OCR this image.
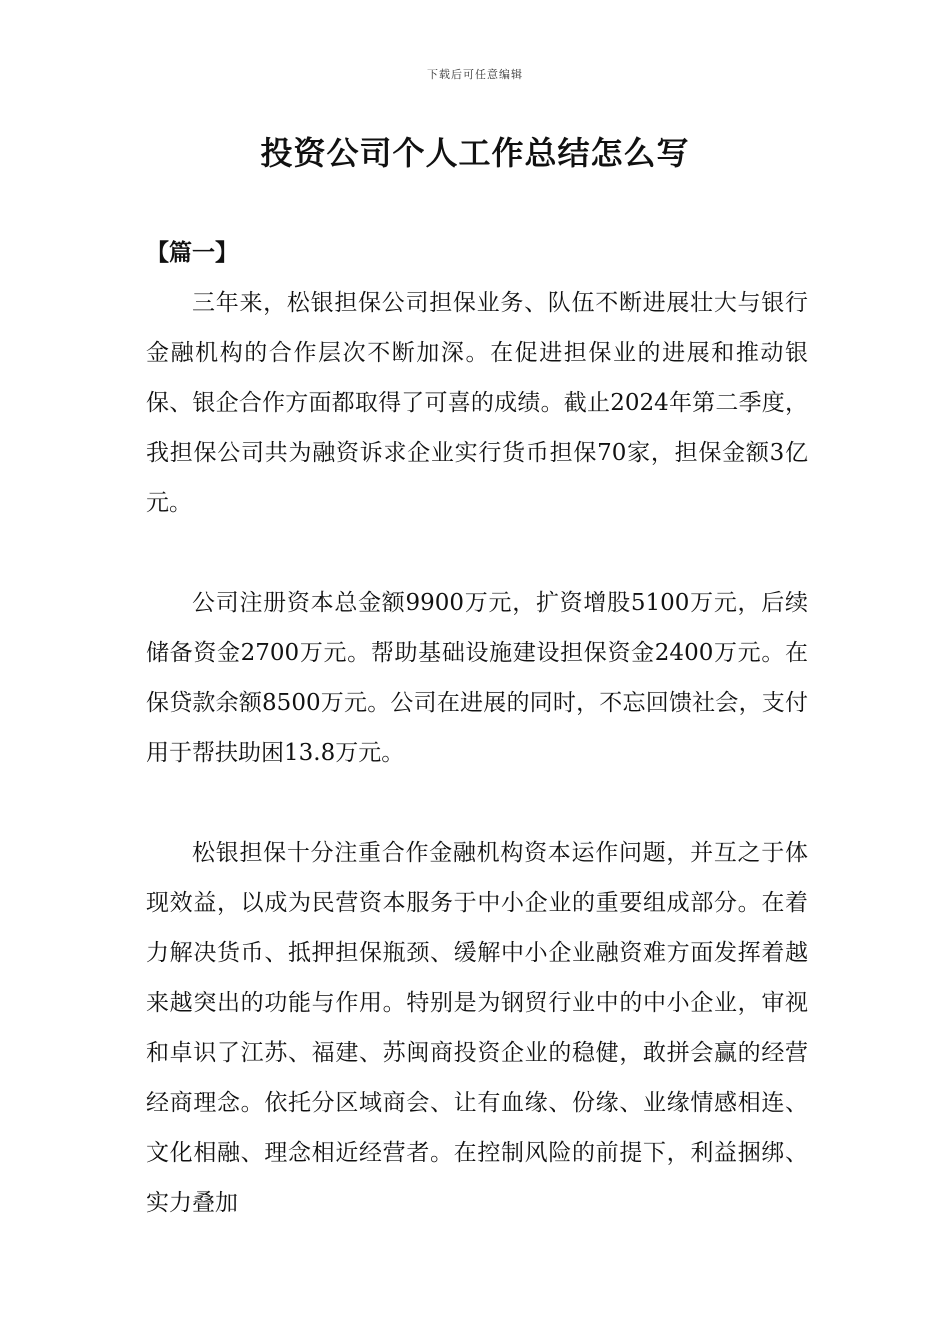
下载后可任意编辑
投资公司个人工作总结怎么写

【篇一】

三年来，松银担保公司担保业务、队伍不断进展壮大与银行金融机构的合作层次不断加深。在促进担保业的进展和推动银保、银企合作方面都取得了可喜的成绩。截止2024年第二季度，我担保公司共为融资诉求企业实行货币担保70家，担保金额3亿元。

公司注册资本总金额9900万元，扩资增股5100万元，后续储备资金2700万元。帮助基础设施建设担保资金2400万元。在保贷款余额8500万元。公司在进展的同时，不忘回馈社会，支付用于帮扶助困13.8万元。

松银担保十分注重合作金融机构资本运作问题，并互之于体现效益，以成为民营资本服务于中小企业的重要组成部分。在着力解决货币、抵押担保瓶颈、缓解中小企业融资难方面发挥着越来越突出的功能与作用。特别是为钢贸行业中的中小企业，审视和卓识了江苏、福建、苏闽商投资企业的稳健，敢拼会赢的经营经商理念。依托分区域商会、让有血缘、份缘、业缘情感相连、文化相融、理念相近经营者。在控制风险的前提下，利益捆绑、实力叠加
